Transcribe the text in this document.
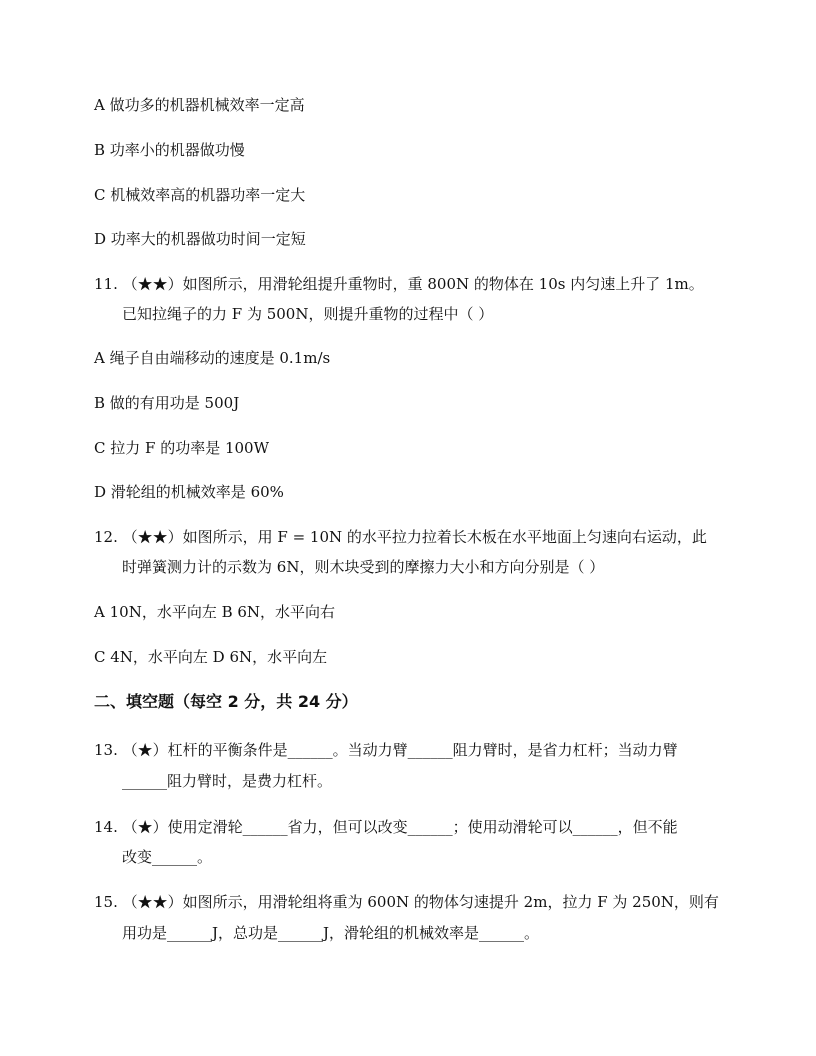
A 做功多的机器机械效率一定高
B 功率小的机器做功慢
C 机械效率高的机器功率一定大
D 功率大的机器做功时间一定短
11. （★★）如图所示，用滑轮组提升重物时，重 800N 的物体在 10s 内匀速上升了 1m。
已知拉绳子的力 F 为 500N，则提升重物的过程中（ ）
A 绳子自由端移动的速度是 0.1m/s
B 做的有用功是 500J
C 拉力 F 的功率是 100W
D 滑轮组的机械效率是 60%
12. （★★）如图所示，用 F = 10N 的水平拉力拉着长木板在水平地面上匀速向右运动，此
时弹簧测力计的示数为 6N，则木块受到的摩擦力大小和方向分别是（ ）
A 10N，水平向左 B 6N，水平向右
C 4N，水平向左 D 6N，水平向左
二、填空题（每空 2 分，共 24 分）
13. （★）杠杆的平衡条件是______。当动力臂______阻力臂时，是省力杠杆；当动力臂
______阻力臂时，是费力杠杆。
14. （★）使用定滑轮______省力，但可以改变______；使用动滑轮可以______，但不能
改变______。
15. （★★）如图所示，用滑轮组将重为 600N 的物体匀速提升 2m，拉力 F 为 250N，则有
用功是______J，总功是______J，滑轮组的机械效率是______。
